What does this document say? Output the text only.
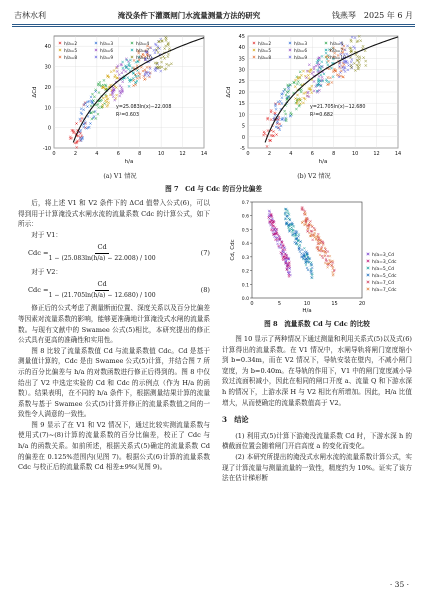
吉林水利	淹没条件下灌溉闸门水流量测量方法的研究	钱燕琴　2025 年 6 月
0	2	4	6	8	10	12	14
-10
0
10
20
30
40
h/a
ΔCd
h/a=2	h/a=3	h/a=4
h/a=5	h/a=6	h/a=7
h/a=8	h/a=9	h/a=10
y=25.083ln(x)−22.008
R²=0.603
0	2	4	6	8	10	12	14
-5
0
5
10
15
20
25
30
35
40
45
h/a
ΔCd
h/a=2	h/a=3	h/a=4
h/a=5	h/a=6	h/a=7
h/a=8	h/a=9	h/a=10
y=21.705ln(x)−12.680
R²=0.682
(a) V1 情况	(b) V2 情况
图 7　Cd 与 Cdc 的百分比偏差

后，将上述 V1 和 V2 条件下的 ΔCd 值带入公式(6)，可以得到用于计算淹没式水闸水流的流量系数 Cdc 的计算公式，如下所示：

对于 V1：

Cdc = $\frac{Cd}{1 - (25.083\ln(h/a) - 22.008) / 100}$	(7)

对于 V2：

Cdc = $\frac{Cd}{1 - (21.705\ln(h/a) - 12.680) / 100}$	(8)

修正后的公式考虑了测量断面位置、深度关系以及百分比偏差等因素对流量系数的影响，能够更准确地计算淹没式水闸的流量系数。与现有文献中的 Swamee 公式(5)相比，本研究提出的修正公式具有更高的准确性和实用性。

图 8 比较了流量系数值 Cd 与流量系数值 Cdc。Cd 是基于测量值计算的，Cdc 是由 Swamee 公式(5)计算，并结合图 7 所示的百分比偏差与 h/a 的对数函数进行修正后得到的。图 8 中仅给出了 V2 中选定实验的 Cd 和 Cdc 的示例点（作为 H/a 的函数）。结果表明，在不同的 h/a 条件下，根据测量结果计算的流量系数与基于 Swamee 公式(5)计算并修正的流量系数值之间的一致性令人满意的一致性。

图 9 显示了在 V1 和 V2 情况下，通过比较实测流量系数与使用式(7)~(8)计算的流量系数的百分比偏差，校正了 Cdc 与 h/a 的函数关系。如前所述，根据关系式(5)确定的流量系数 Cd 的偏差在 0.125%范围内(见图 7)。根据公式(6)计算的流量系数 Cdc 与校正后的流量系数 Cd 相差±9%(见图 9)。

0	5	10	15	20
0.0
0.1
0.2
0.3
0.4
0.5
0.6
0.7
H/a
Cd, Cdc	h/a=3_Cd
h/a=3_Cdc
h/a=5_Cd
h/a=5_Cdc
h/a=7_Cd
h/a=7_Cdc
图 8　流量系数 Cd 与 Cdc 的比较

图 10 显示了两种情况下通过测量和利用关系式(5)以及式(6)计算得出的流量系数。在 V1 情况中，水闸导轨将闸门宽度缩小到 b=0.34m，而在 V2 情况下，导轨安装在壁内，不减小闸门宽度，为 b=0.40m。在导轨的作用下，V1 中的闸门宽度减小导致过流面积减小，因此在相同的闸口开度 a、流量 Q 和下游水深 h 的情况下，上游水深 H 与 V2 相比有所增加。因此，H/a 比值增大，从而使确定的流量系数值高于 V2。

3　结论

(1) 利用式(5)计算下游淹没流量系数 Cd 时，下游水深 h 的横截面位置会随着闸门开启高度 a 的变化而变化。

(2) 本研究所提出的淹没式水闸水流的流量系数计算公式，实现了计算流量与测量流量的一致性，精度约为 10%。证实了该方法在估计梯形断

· 35 ·
